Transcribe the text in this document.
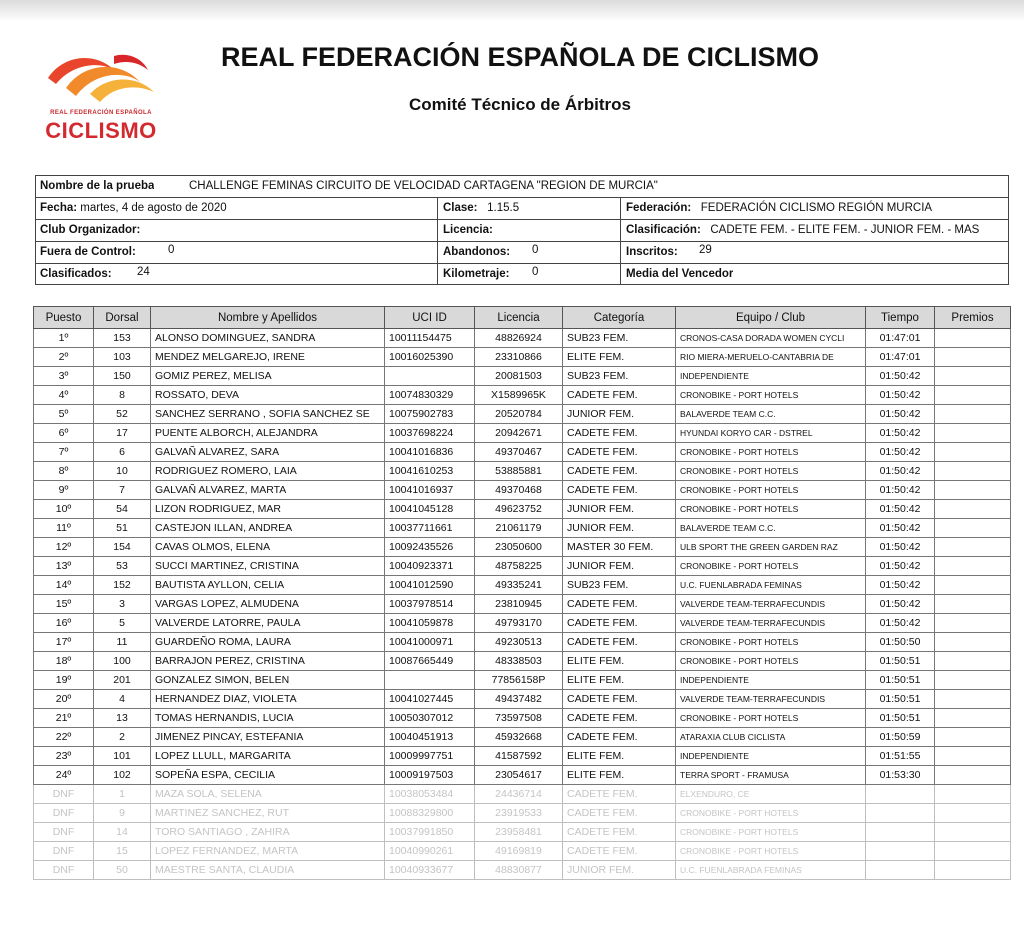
REAL FEDERACIÓN ESPAÑOLA
CICLISMO
REAL FEDERACIÓN ESPAÑOLA DE CICLISMO
Comité Técnico de Árbitros
Nombre de la prueba	CHALLENGE FEMINAS CIRCUITO DE VELOCIDAD CARTAGENA "REGION DE MURCIA"
Fecha: martes, 4 de agosto de 2020	Clase: 1.15.5	Federación: FEDERACIÓN CICLISMO REGIÓN MURCIA
Club Organizador:	Licencia:	Clasificación: CADETE FEM. - ELITE FEM. - JUNIOR FEM. - MAS
Fuera de Control:	0	Abandonos: 0	Inscritos: 29
Clasificados: 24	Kilometraje: 0	Media del Vencedor
Puesto	Dorsal	Nombre y Apellidos	UCI ID	Licencia	Categoría	Equipo / Club	Tiempo	Premios
1º	153	ALONSO DOMINGUEZ, SANDRA	10011154475	48826924	SUB23 FEM.	CRONOS-CASA DORADA WOMEN CYCLI	01:47:01	
2º	103	MENDEZ MELGAREJO, IRENE	10016025390	23310866	ELITE FEM.	RIO MIERA-MERUELO-CANTABRIA DE	01:47:01	
3º	150	GOMIZ PEREZ, MELISA		20081503	SUB23 FEM.	INDEPENDIENTE	01:50:42	
4º	8	ROSSATO, DEVA	10074830329	X1589965K	CADETE FEM.	CRONOBIKE - PORT HOTELS	01:50:42	
5º	52	SANCHEZ SERRANO , SOFIA SANCHEZ SE	10075902783	20520784	JUNIOR FEM.	BALAVERDE TEAM C.C.	01:50:42	
6º	17	PUENTE ALBORCH, ALEJANDRA	10037698224	20942671	CADETE FEM.	HYUNDAI KORYO CAR - DSTREL	01:50:42	
7º	6	GALVAÑ ALVAREZ, SARA	10041016836	49370467	CADETE FEM.	CRONOBIKE - PORT HOTELS	01:50:42	
8º	10	RODRIGUEZ ROMERO, LAIA	10041610253	53885881	CADETE FEM.	CRONOBIKE - PORT HOTELS	01:50:42	
9º	7	GALVAÑ ALVAREZ, MARTA	10041016937	49370468	CADETE FEM.	CRONOBIKE - PORT HOTELS	01:50:42	
10º	54	LIZON RODRIGUEZ, MAR	10041045128	49623752	JUNIOR FEM.	CRONOBIKE - PORT HOTELS	01:50:42	
11º	51	CASTEJON ILLAN, ANDREA	10037711661	21061179	JUNIOR FEM.	BALAVERDE TEAM C.C.	01:50:42	
12º	154	CAVAS OLMOS, ELENA	10092435526	23050600	MASTER 30 FEM.	ULB SPORT THE GREEN GARDEN RAZ	01:50:42	
13º	53	SUCCI MARTINEZ, CRISTINA	10040923371	48758225	JUNIOR FEM.	CRONOBIKE - PORT HOTELS	01:50:42	
14º	152	BAUTISTA AYLLON, CELIA	10041012590	49335241	SUB23 FEM.	U.C. FUENLABRADA FEMINAS	01:50:42	
15º	3	VARGAS LOPEZ, ALMUDENA	10037978514	23810945	CADETE FEM.	VALVERDE TEAM-TERRAFECUNDIS	01:50:42	
16º	5	VALVERDE LATORRE, PAULA	10041059878	49793170	CADETE FEM.	VALVERDE TEAM-TERRAFECUNDIS	01:50:42	
17º	11	GUARDEÑO ROMA, LAURA	10041000971	49230513	CADETE FEM.	CRONOBIKE - PORT HOTELS	01:50:50	
18º	100	BARRAJON PEREZ, CRISTINA	10087665449	48338503	ELITE FEM.	CRONOBIKE - PORT HOTELS	01:50:51	
19º	201	GONZALEZ SIMON, BELEN		77856158P	ELITE FEM.	INDEPENDIENTE	01:50:51	
20º	4	HERNANDEZ DIAZ, VIOLETA	10041027445	49437482	CADETE FEM.	VALVERDE TEAM-TERRAFECUNDIS	01:50:51	
21º	13	TOMAS HERNANDIS, LUCIA	10050307012	73597508	CADETE FEM.	CRONOBIKE - PORT HOTELS	01:50:51	
22º	2	JIMENEZ PINCAY, ESTEFANIA	10040451913	45932668	CADETE FEM.	ATARAXIA CLUB CICLISTA	01:50:59	
23º	101	LOPEZ LLULL, MARGARITA	10009997751	41587592	ELITE FEM.	INDEPENDIENTE	01:51:55	
24º	102	SOPEÑA ESPA, CECILIA	10009197503	23054617	ELITE FEM.	TERRA SPORT - FRAMUSA	01:53:30	
DNF	1	MAZA SOLA, SELENA	10038053484	24436714	CADETE FEM.	ELXENDURO, CE		
DNF	9	MARTINEZ SANCHEZ, RUT	10088329800	23919533	CADETE FEM.	CRONOBIKE - PORT HOTELS		
DNF	14	TORO SANTIAGO , ZAHIRA	10037991850	23958481	CADETE FEM.	CRONOBIKE - PORT HOTELS		
DNF	15	LOPEZ FERNANDEZ, MARTA	10040990261	49169819	CADETE FEM.	CRONOBIKE - PORT HOTELS		
DNF	50	MAESTRE SANTA, CLAUDIA	10040933677	48830877	JUNIOR FEM.	U.C. FUENLABRADA FEMINAS		
